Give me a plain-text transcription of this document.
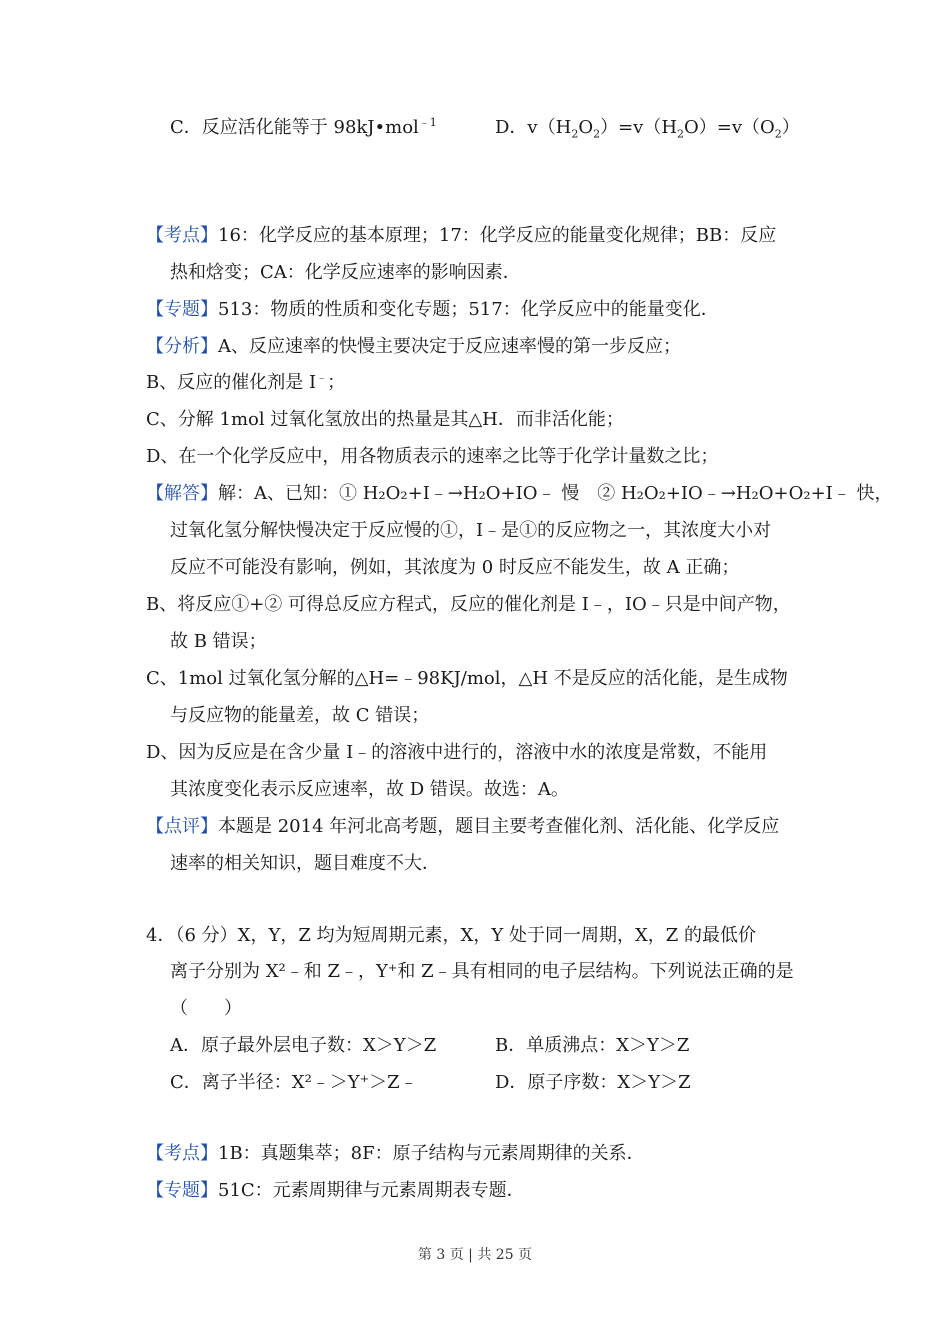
C．反应活化能等于 98kJ•mol$^{﹣1}$	D．$v(H_2O_2)=v(H_2O)=v(O_2)$
【考点】16：化学反应的基本原理；17：化学反应的能量变化规律；BB：反应
热和焓变；CA：化学反应速率的影响因素．
【专题】513：物质的性质和变化专题；517：化学反应中的能量变化．
【分析】A、反应速率的快慢主要决定于反应速率慢的第一步反应；
B、反应的催化剂是 I﹣；
C、分解 1mol 过氧化氢放出的热量是其△H．而非活化能；
D、在一个化学反应中，用各物质表示的速率之比等于化学计量数之比；
【解答】解：A、已知：① H₂O₂+I﹣→H₂O+IO﹣ 慢　② H₂O₂+IO﹣→H₂O+O₂+I﹣ 快，
过氧化氢分解快慢决定于反应慢的①，I﹣是①的反应物之一，其浓度大小对
反应不可能没有影响，例如，其浓度为 0 时反应不能发生，故 A 正确；
B、将反应①+② 可得总反应方程式，反应的催化剂是 I﹣，IO﹣只是中间产物，
故 B 错误；
C、1mol 过氧化氢分解的△H=﹣98KJ/mol，△H 不是反应的活化能，是生成物
与反应物的能量差，故 C 错误；
D、因为反应是在含少量 I﹣的溶液中进行的，溶液中水的浓度是常数，不能用
其浓度变化表示反应速率，故 D 错误。故选：A。
【点评】本题是 2014 年河北高考题，题目主要考查催化剂、活化能、化学反应
速率的相关知识，题目难度不大．
4．（6 分）X，Y，Z 均为短周期元素，X，Y 处于同一周期，X，Z 的最低价
离子分别为 X²﹣和 Z﹣，Y⁺和 Z﹣具有相同的电子层结构。下列说法正确的是
（　　）
A．原子最外层电子数：X＞Y＞Z	B．单质沸点：X＞Y＞Z
C．离子半径：X²﹣＞Y⁺＞Z﹣	D．原子序数：X＞Y＞Z
【考点】1B：真题集萃；8F：原子结构与元素周期律的关系．
【专题】51C：元素周期律与元素周期表专题．
第 3 页 | 共 25 页
